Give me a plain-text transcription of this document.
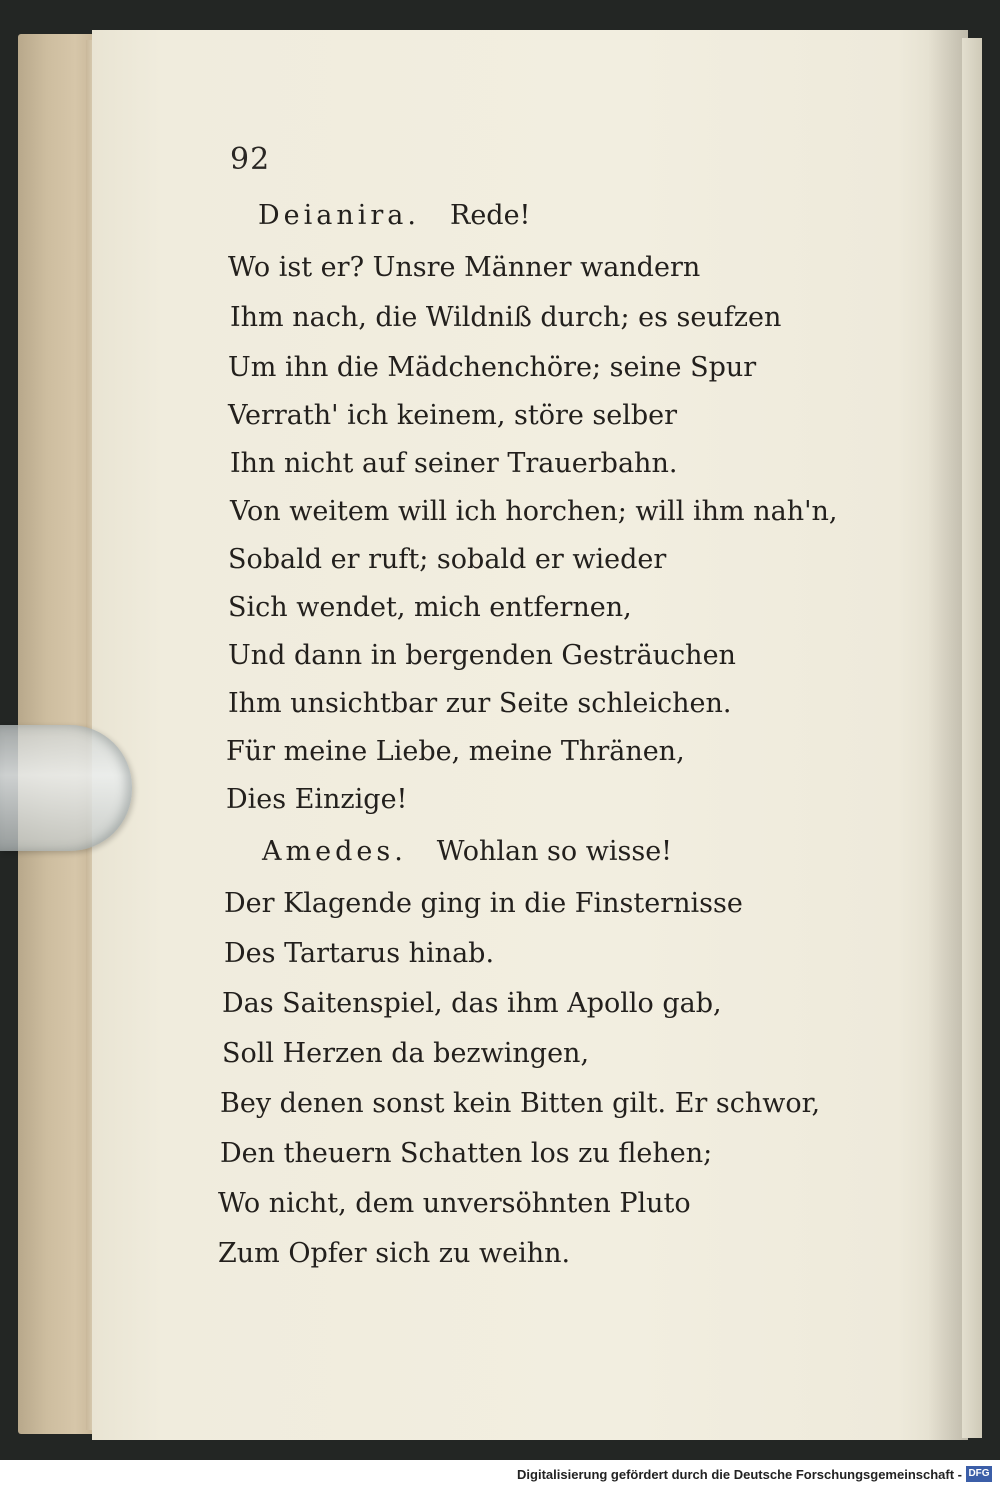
92
Deianira. Rede!
Wo ist er? Unsre Männer wandern
Ihm nach, die Wildniß durch; es seufzen
Um ihn die Mädchenchöre; seine Spur
Verrath' ich keinem, störe selber
Ihn nicht auf seiner Trauerbahn.
Von weitem will ich horchen; will ihm nah'n,
Sobald er ruft; sobald er wieder
Sich wendet, mich entfernen,
Und dann in bergenden Gesträuchen
Ihm unsichtbar zur Seite schleichen.
Für meine Liebe, meine Thränen,
Dies Einzige!
Amedes. Wohlan so wisse!
Der Klagende ging in die Finsternisse
Des Tartarus hinab.
Das Saitenspiel, das ihm Apollo gab,
Soll Herzen da bezwingen,
Bey denen sonst kein Bitten gilt. Er schwor,
Den theuern Schatten los zu flehen;
Wo nicht, dem unversöhnten Pluto
Zum Opfer sich zu weihn.
Digitalisierung gefördert durch die Deutsche Forschungsgemeinschaft - DFG
